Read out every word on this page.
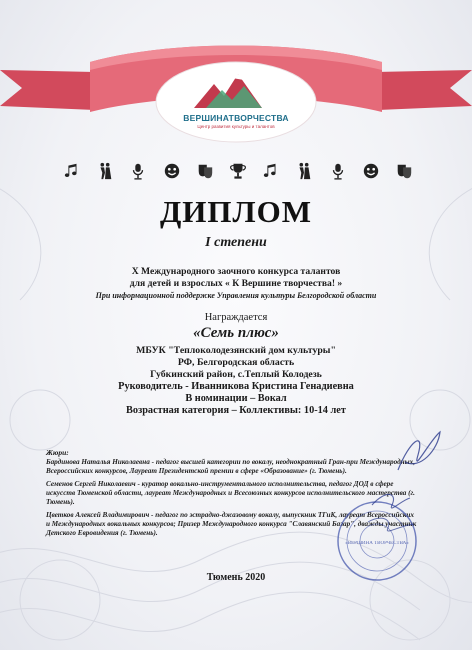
ВЕРШИНАТВОРЧЕСТВА
Центр развития культуры и талантов
ДИПЛОМ
I степени
X Международного заочного конкурса талантов
для детей и взрослых « К Вершине творчества! »
При информационной поддержке Управления культуры Белгородской области
Награждается
«Семь плюс»
МБУК "Теплоколодезянский дом культуры"
РФ, Белгородская область
Губкинский район, с.Теплый Колодезь
Руководитель - Иванникова Кристина Генадиевна
В номинации – Вокал
Возрастная категория – Коллективы: 10-14 лет
Жюри:

Бардинова Наталья Николаевна - педагог высшей категории по вокалу, неоднократный Гран-при Международных, Всероссийских конкурсов, Лауреат Президентской премии в сфере «Образование» (г. Тюмень).

Семенов Сергей Николаевич - куратор вокально-инструментального исполнительства, педагог ДОД в сфере искусств Тюменской области, лауреат Международных и Всесоюзных конкурсов исполнительского мастерства (г. Тюмень).

Цветков Алексей Владимирович - педагог по эстрадно-джазовому вокалу, выпускник ТГиК, лауреат Всероссийских и Международных вокальных конкурсов; Призер Международного конкурса "Славянский Базар", дважды участник Детского Евровидения (г. Тюмень).

«ВЕРШИНА ТВОРЧЕСТВА»
Тюмень 2020
